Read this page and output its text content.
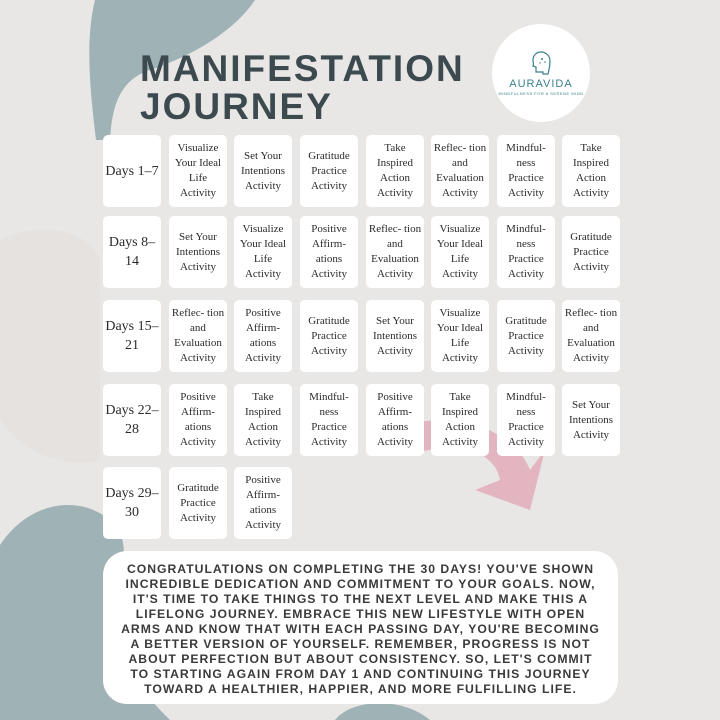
MANIFESTATION
JOURNEY
AURAVIDA
MINDFULNESS FOR A SERENE MIND
Days 1–7
Visualize Your Ideal Life Activity
Set Your Intentions Activity
Gratitude Practice Activity
Take Inspired Action Activity
Reflec- tion and Evaluation Activity
Mindful- ness Practice Activity
Take Inspired Action Activity
Days 8–14
Set Your Intentions Activity
Visualize Your Ideal Life Activity
Positive Affirm- ations Activity
Reflec- tion and Evaluation Activity
Visualize Your Ideal Life Activity
Mindful- ness Practice Activity
Gratitude Practice Activity
Days 15–21
Reflec- tion and Evaluation Activity
Positive Affirm- ations Activity
Gratitude Practice Activity
Set Your Intentions Activity
Visualize Your Ideal Life Activity
Gratitude Practice Activity
Reflec- tion and Evaluation Activity
Days 22–28
Positive Affirm- ations Activity
Take Inspired Action Activity
Mindful- ness Practice Activity
Positive Affirm- ations Activity
Take Inspired Action Activity
Mindful- ness Practice Activity
Set Your Intentions Activity
Days 29–30
Gratitude Practice Activity
Positive Affirm- ations Activity
CONGRATULATIONS ON COMPLETING THE 30 DAYS! YOU'VE SHOWN INCREDIBLE DEDICATION AND COMMITMENT TO YOUR GOALS. NOW, IT'S TIME TO TAKE THINGS TO THE NEXT LEVEL AND MAKE THIS A LIFELONG JOURNEY. EMBRACE THIS NEW LIFESTYLE WITH OPEN ARMS AND KNOW THAT WITH EACH PASSING DAY, YOU'RE BECOMING A BETTER VERSION OF YOURSELF. REMEMBER, PROGRESS IS NOT ABOUT PERFECTION BUT ABOUT CONSISTENCY. SO, LET'S COMMIT TO STARTING AGAIN FROM DAY 1 AND CONTINUING THIS JOURNEY TOWARD A HEALTHIER, HAPPIER, AND MORE FULFILLING LIFE.
